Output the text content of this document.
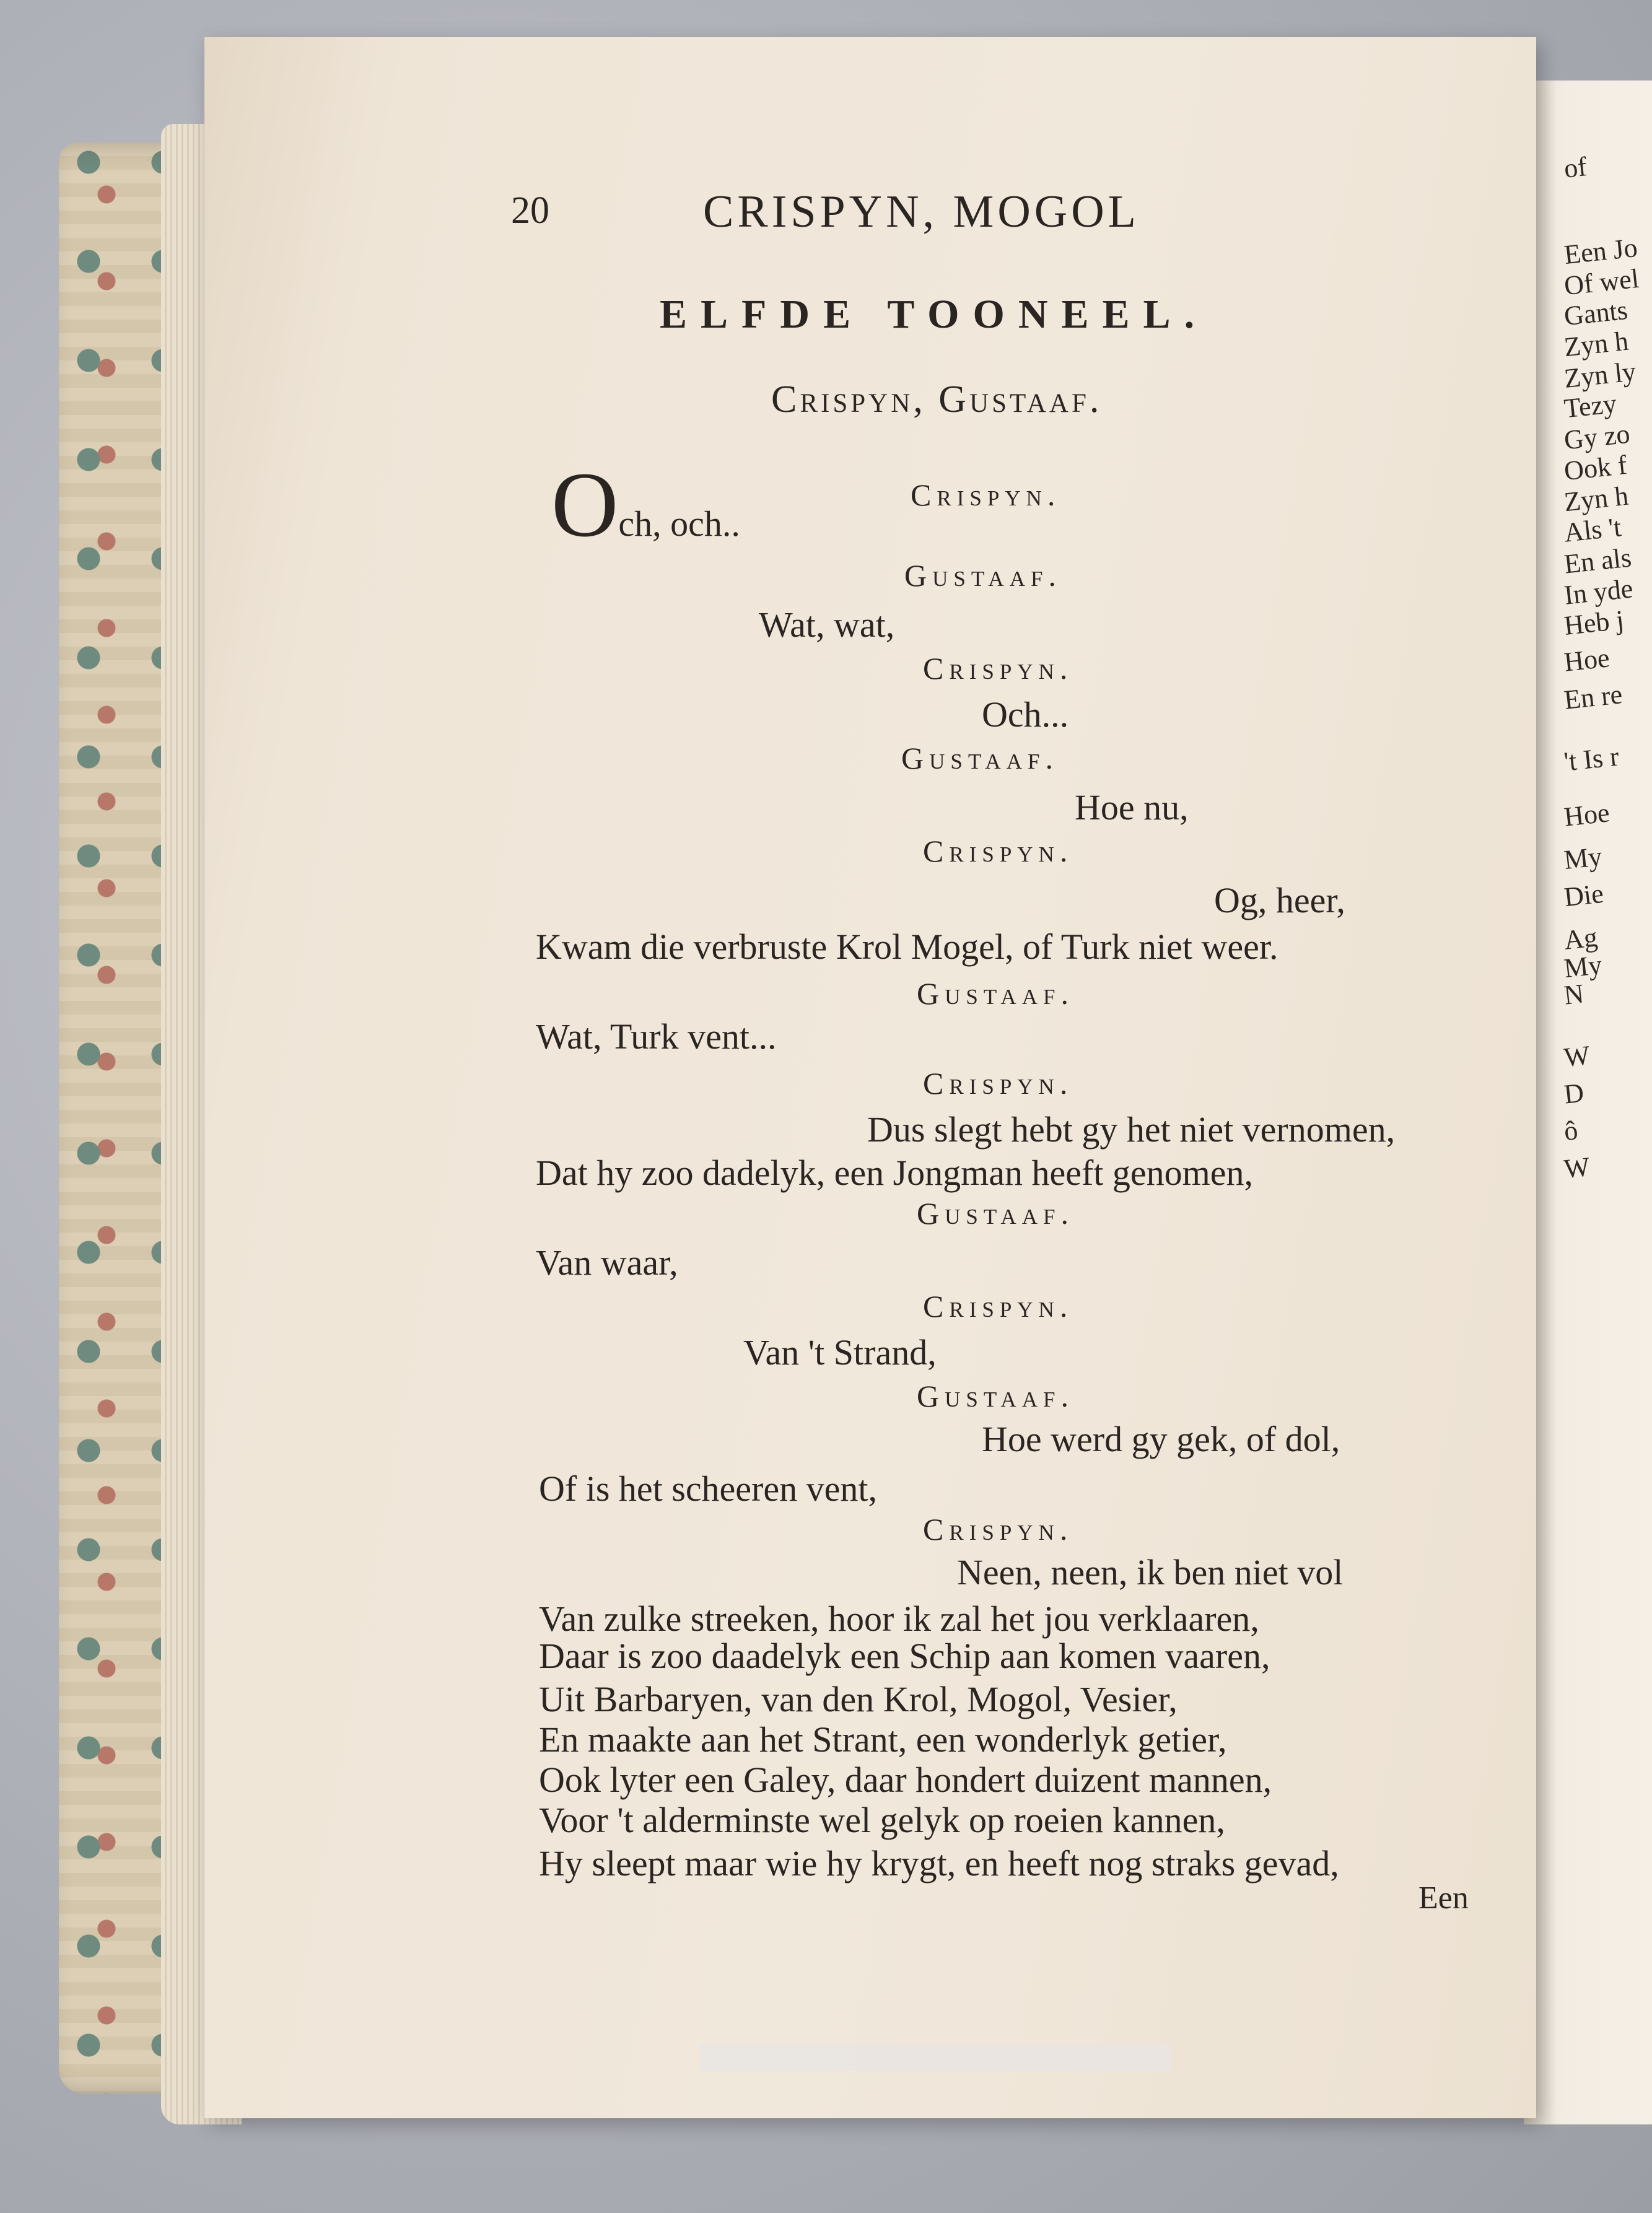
of
Een Jo
Of wel
Gants
Zyn h
Zyn ly
Tezy
Gy zo
Ook f
Zyn h
Als 't
En als
In yde
Heb j
Hoe
En re
't Is r
Hoe
My
Die
Ag
My
N
W
D
ô
W
20	CRISPYN, MOGOL
ELFDE TOONEEL.
Crispyn, Gustaaf.
Crispyn.
Och, och..
Gustaaf.
Wat, wat,
Crispyn.
Och...
Gustaaf.
Hoe nu,
Crispyn.
Og, heer,
Kwam die verbruste Krol Mogel, of Turk niet weer.
Gustaaf.
Wat, Turk vent...
Crispyn.
Dus slegt hebt gy het niet vernomen,
Dat hy zoo dadelyk, een Jongman heeft genomen,
Gustaaf.
Van waar,
Crispyn.
Van 't Strand,
Gustaaf.
Hoe werd gy gek, of dol,
Of is het scheeren vent,
Crispyn.
Neen, neen, ik ben niet vol
Van zulke streeken, hoor ik zal het jou verklaaren,
Daar is zoo daadelyk een Schip aan komen vaaren,
Uit Barbaryen, van den Krol, Mogol, Vesier,
En maakte aan het Strant, een wonderlyk getier,
Ook lyter een Galey, daar hondert duizent mannen,
Voor 't alderminste wel gelyk op roeien kannen,
Hy sleept maar wie hy krygt, en heeft nog straks gevad,
Een
